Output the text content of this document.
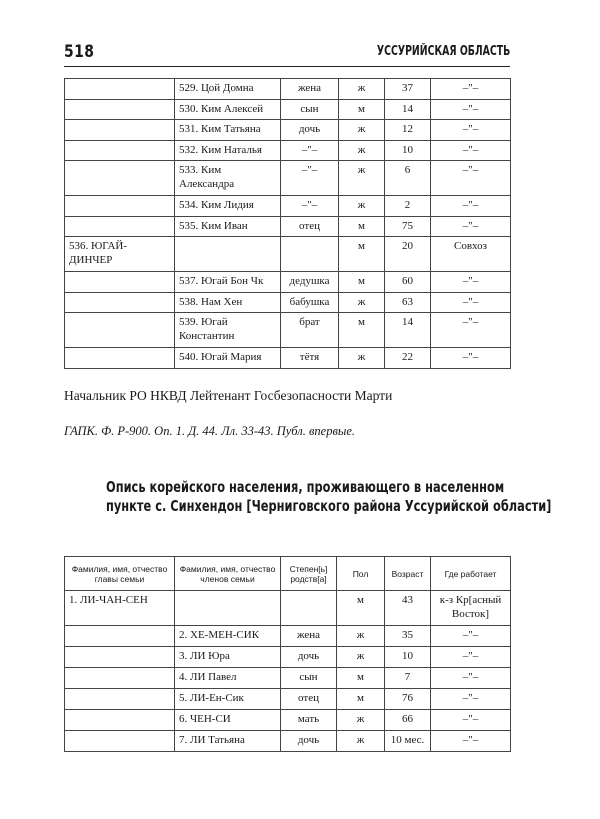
518	УССУРИЙСКАЯ ОБЛАСТЬ
	529. Цой Домна	жена	ж	37	–"–
	530. Ким Алексей	сын	м	14	–"–
	531. Ким Татьяна	дочь	ж	12	–"–
	532. Ким Наталья	–"–	ж	10	–"–
	533. Ким Александра	–"–	ж	6	–"–
	534. Ким Лидия	–"–	ж	2	–"–
	535. Ким Иван	отец	м	75	–"–
536. ЮГАЙ-ДИНЧЕР			м	20	Совхоз
	537. Югай Бон Чк	дедушка	м	60	–"–
	538. Нам Хен	бабушка	ж	63	–"–
	539. Югай Константин	брат	м	14	–"–
	540. Югай Мария	тётя	ж	22	–"–
Начальник РО НКВД Лейтенант Госбезопасности Марти
ГАПК. Ф. Р-900. Оп. 1. Д. 44. Лл. 33-43. Публ. впервые.
Опись корейского населения, проживающего в населенном
пункте с. Синхендон [Черниговского района Уссурийской области]
Фамилия, имя, отчество главы семьи	Фамилия, имя, отчество членов семьи	Степен[ь] родств[а]	Пол	Возраст	Где работает
1. ЛИ-ЧАН-СЕН			м	43	к-з Кр[асный Восток]
	2. ХЕ-МЕН-СИК	жена	ж	35	–"–
	3. ЛИ Юра	дочь	ж	10	–"–
	4. ЛИ Павел	сын	м	7	–"–
	5. ЛИ-Ен-Сик	отец	м	76	–"–
	6. ЧЕН-СИ	мать	ж	66	–"–
	7. ЛИ Татьяна	дочь	ж	10 мес.	–"–
